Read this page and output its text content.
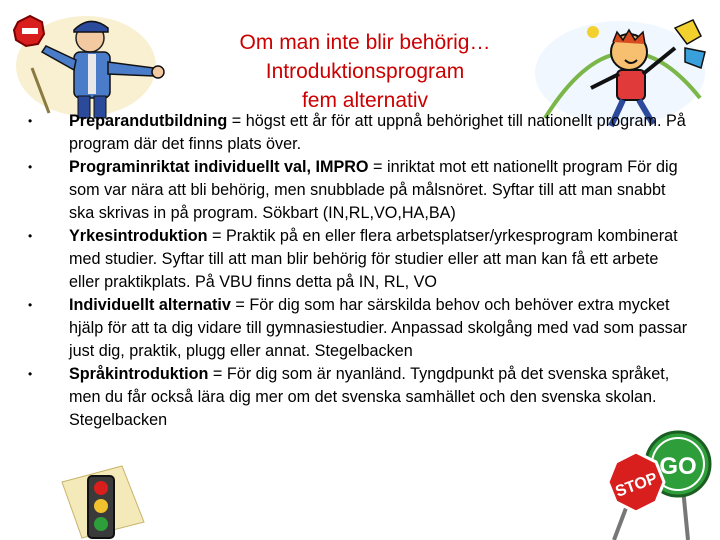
Om man inte blir behörig…
Introduktionsprogram
fem alternativ
•	Preparandutbildning = högst ett år för att uppnå behörighet till nationellt program. På program där det finns plats över.
•	Programinriktat individuellt val, IMPRO = inriktat mot ett nationellt program För dig som var nära att bli behörig, men snubblade på målsnöret. Syftar till att man snabbt ska skrivas in på program. Sökbart (IN,RL,VO,HA,BA)
•	Yrkesintroduktion = Praktik på en eller flera arbetsplatser/yrkesprogram kombinerat med studier. Syftar till att man blir behörig för studier eller att man kan få ett arbete eller praktikplats. På VBU finns detta på IN, RL, VO
•	Individuellt alternativ = För dig som har särskilda behov och behöver extra mycket hjälp för att ta dig vidare till gymnasiestudier. Anpassad skolgång med vad som passar just dig, praktik, plugg eller annat. Stegelbacken
•	Språkintroduktion = För dig som är nyanländ. Tyngdpunkt på det svenska språket, men du får också lära dig mer om det svenska samhället och den svenska skolan. Stegelbacken
GO
STOP
